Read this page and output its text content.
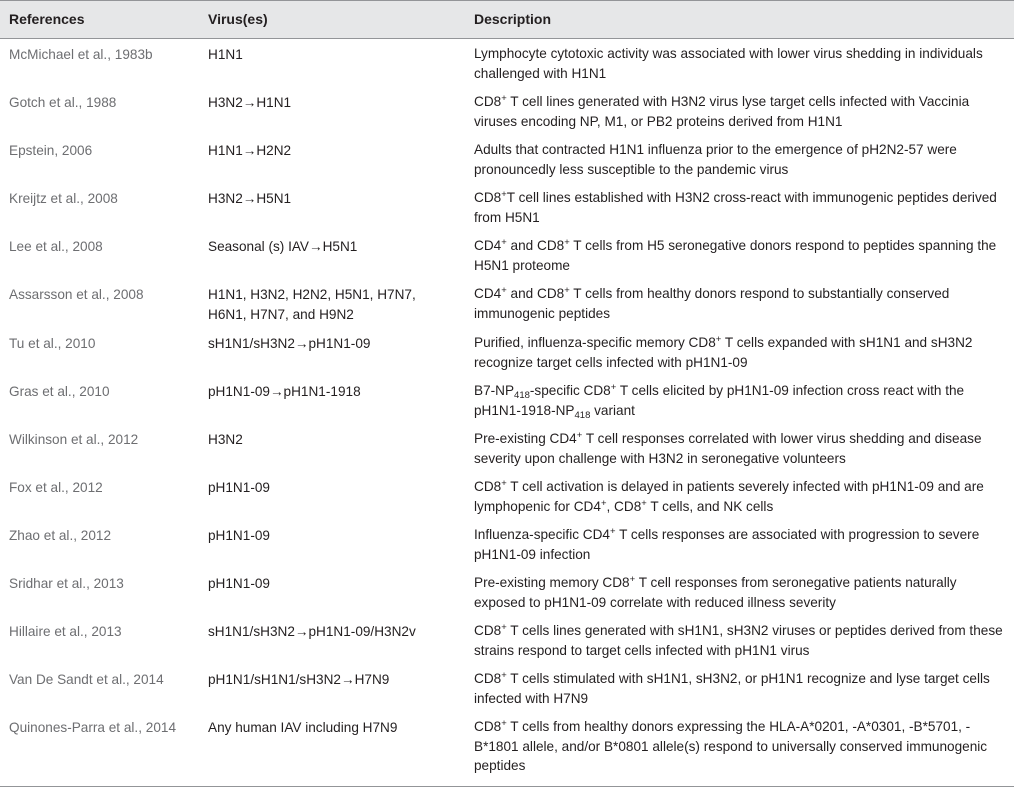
References	Virus(es)	Description
McMichael et al., 1983b	H1N1	Lymphocyte cytotoxic activity was associated with lower virus shedding in individuals challenged with H1N1
Gotch et al., 1988	H3N2→H1N1	CD8+ T cell lines generated with H3N2 virus lyse target cells infected with Vaccinia viruses encoding NP, M1, or PB2 proteins derived from H1N1
Epstein, 2006	H1N1→H2N2	Adults that contracted H1N1 influenza prior to the emergence of pH2N2-57 were pronouncedly less susceptible to the pandemic virus
Kreijtz et al., 2008	H3N2→H5N1	CD8+T cell lines established with H3N2 cross-react with immunogenic peptides derived from H5N1
Lee et al., 2008	Seasonal (s) IAV→H5N1	CD4+ and CD8+ T cells from H5 seronegative donors respond to peptides spanning the H5N1 proteome
Assarsson et al., 2008	H1N1, H3N2, H2N2, H5N1, H7N7, H6N1, H7N7, and H9N2	CD4+ and CD8+ T cells from healthy donors respond to substantially conserved immunogenic peptides
Tu et al., 2010	sH1N1/sH3N2→pH1N1-09	Purified, influenza-specific memory CD8+ T cells expanded with sH1N1 and sH3N2 recognize target cells infected with pH1N1-09
Gras et al., 2010	pH1N1-09→pH1N1-1918	$B7-NP_{418}$-specific CD8+ T cells elicited by pH1N1-09 infection cross react with the $pH1N1-1918-NP_{418}$ variant
Wilkinson et al., 2012	H3N2	Pre-existing CD4+ T cell responses correlated with lower virus shedding and disease severity upon challenge with H3N2 in seronegative volunteers
Fox et al., 2012	pH1N1-09	CD8+ T cell activation is delayed in patients severely infected with pH1N1-09 and are lymphopenic for CD4+, CD8+ T cells, and NK cells
Zhao et al., 2012	pH1N1-09	Influenza-specific CD4+ T cells responses are associated with progression to severe pH1N1-09 infection
Sridhar et al., 2013	pH1N1-09	Pre-existing memory CD8+ T cell responses from seronegative patients naturally exposed to pH1N1-09 correlate with reduced illness severity
Hillaire et al., 2013	sH1N1/sH3N2→pH1N1-09/H3N2v	CD8+ T cells lines generated with sH1N1, sH3N2 viruses or peptides derived from these strains respond to target cells infected with pH1N1 virus
Van De Sandt et al., 2014	pH1N1/sH1N1/sH3N2→H7N9	CD8+ T cells stimulated with sH1N1, sH3N2, or pH1N1 recognize and lyse target cells infected with H7N9
Quinones-Parra et al., 2014	Any human IAV including H7N9	CD8+ T cells from healthy donors expressing the HLA-A*0201, -A*0301, -B*5701, -B*1801 allele, and/or B*0801 allele(s) respond to universally conserved immunogenic peptides
